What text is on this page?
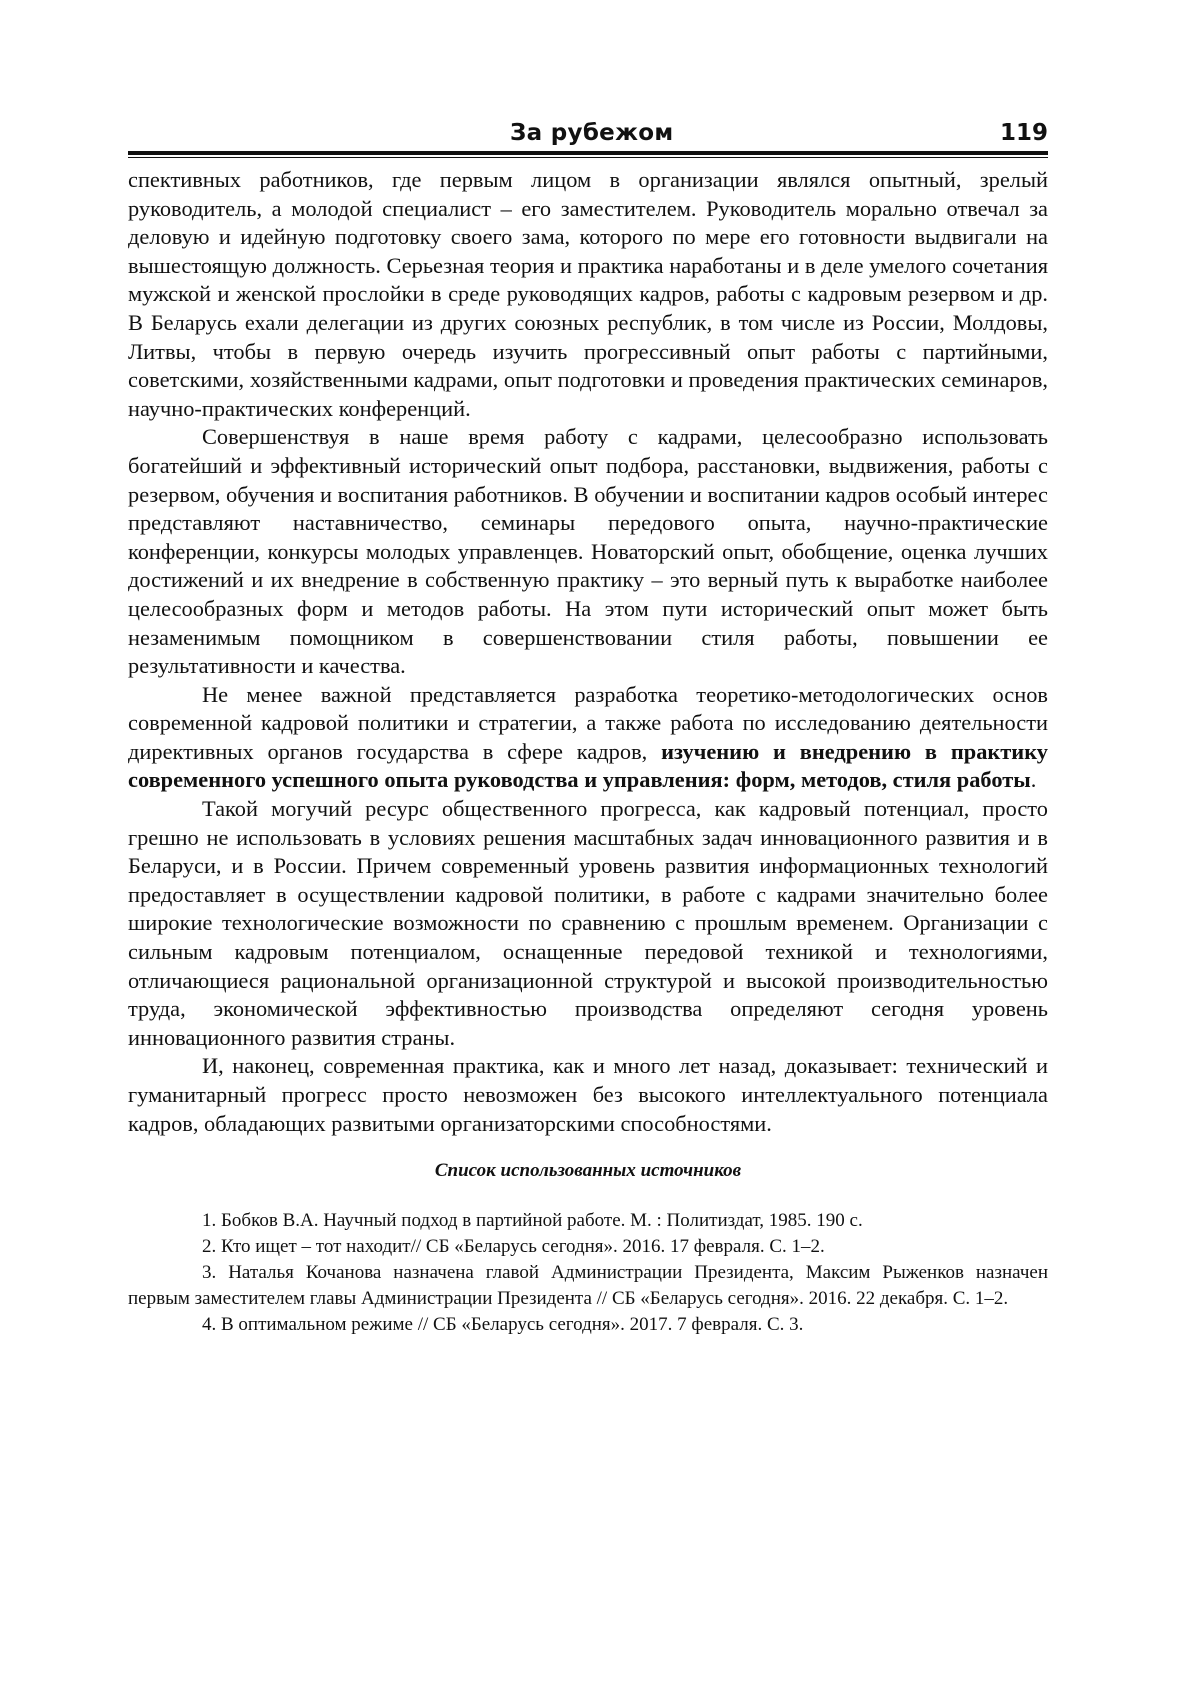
За рубежом	119

спективных работников, где первым лицом в организации являлся опытный, зрелый руководитель, а молодой специалист – его заместителем. Руководитель морально отвечал за деловую и идейную подготовку своего зама, которого по мере его готовности выдвигали на вышестоящую должность. Серьезная теория и практика наработаны и в деле умелого сочетания мужской и женской прослойки в среде руководящих кадров, работы с кадровым резервом и др. В Беларусь ехали делегации из других союзных республик, в том числе из России, Молдовы, Литвы, чтобы в первую очередь изучить прогрессивный опыт работы с партийными, советскими, хозяйственными кадрами, опыт подготовки и проведения практических семинаров, научно-практических конференций.

Совершенствуя в наше время работу с кадрами, целесообразно использовать богатейший и эффективный исторический опыт подбора, расстановки, выдвижения, работы с резервом, обучения и воспитания работников. В обучении и воспитании кадров особый интерес представляют наставничество, семинары передового опыта, научно-практические конференции, конкурсы молодых управленцев. Новаторский опыт, обобщение, оценка лучших достижений и их внедрение в собственную практику – это верный путь к выработке наиболее целесообразных форм и методов работы. На этом пути исторический опыт может быть незаменимым помощником в совершенствовании стиля работы, повышении ее результативности и качества.

Не менее важной представляется разработка теоретико-методологических основ современной кадровой политики и стратегии, а также работа по исследованию деятельности директивных органов государства в сфере кадров, изучению и внедрению в практику современного успешного опыта руководства и управления: форм, методов, стиля работы.

Такой могучий ресурс общественного прогресса, как кадровый потенциал, просто грешно не использовать в условиях решения масштабных задач инновационного развития и в Беларуси, и в России. Причем современный уровень развития информационных технологий предоставляет в осуществлении кадровой политики, в работе с кадрами значительно более широкие технологические возможности по сравнению с прошлым временем. Организации с сильным кадровым потенциалом, оснащенные передовой техникой и технологиями, отличающиеся рациональной организационной структурой и высокой производительностью труда, экономической эффективностью производства определяют сегодня уровень инновационного развития страны.

И, наконец, современная практика, как и много лет назад, доказывает: технический и гуманитарный прогресс просто невозможен без высокого интеллектуального потенциала кадров, обладающих развитыми организаторскими способностями.

Список использованных источников
1. Бобков В.А. Научный подход в партийной работе. М. : Политиздат, 1985. 190 с.
2. Кто ищет – тот находит// СБ «Беларусь сегодня». 2016. 17 февраля. С. 1–2.
3. Наталья Кочанова назначена главой Администрации Президента, Максим Рыженков назначен первым заместителем главы Администрации Президента // СБ «Беларусь сегодня». 2016. 22 декабря. С. 1–2.
4. В оптимальном режиме // СБ «Беларусь сегодня». 2017. 7 февраля. С. 3.
